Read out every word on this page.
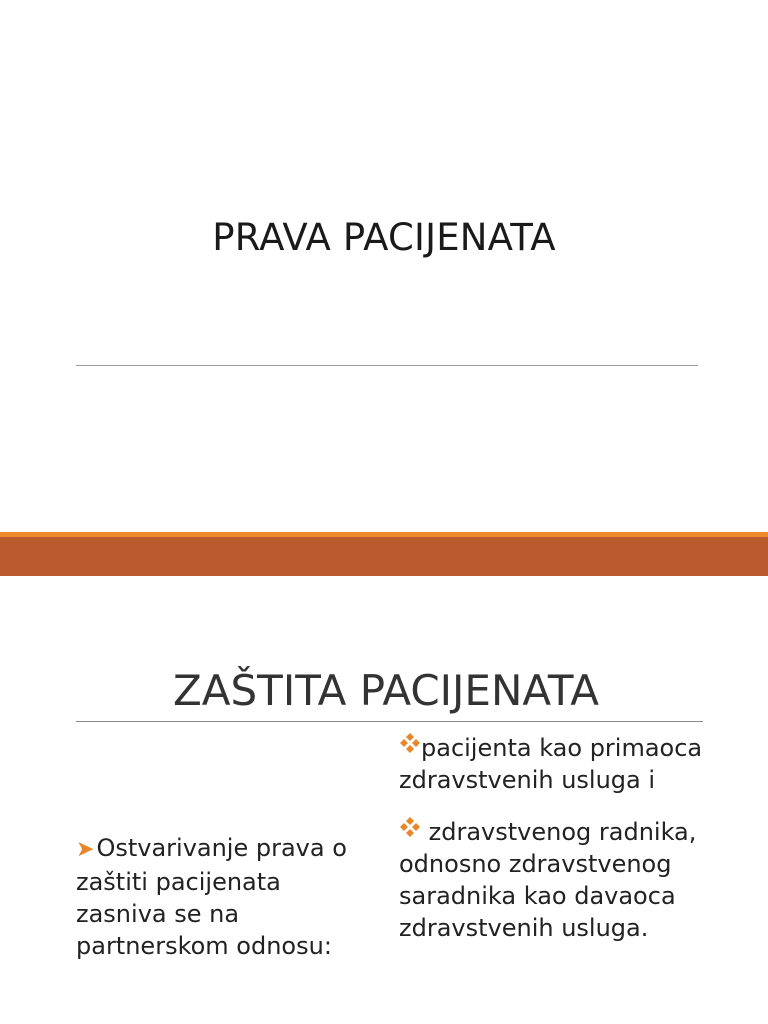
PRAVA PACIJENATA
ZAŠTITA PACIJENATA
➤Ostvarivanje prava o zaštiti pacijenata zasniva se na partnerskom odnosu:

pacijenta kao primaoca zdravstvenih usluga i

zdravstvenog radnika, odnosno zdravstvenog saradnika kao davaoca zdravstvenih usluga.
